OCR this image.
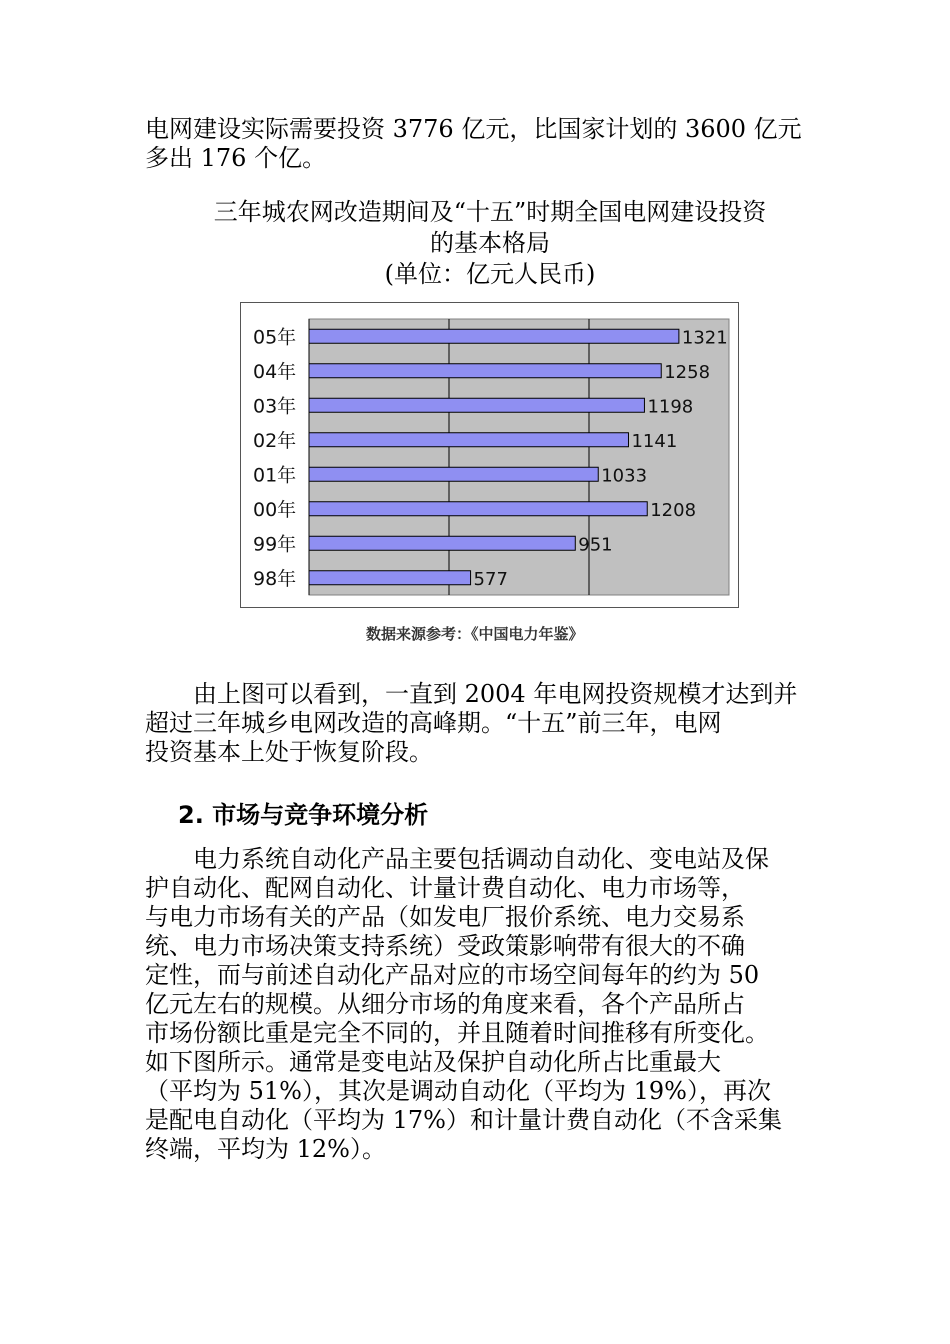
电网建设实际需要投资 3776 亿元，比国家计划的 3600 亿元
多出 176 个亿。
三年城农网改造期间及“十五”时期全国电网建设投资
的基本格局
(单位：亿元人民币)
05年	1321
04年	1258
03年	1198
02年	1141
01年	1033
00年	1208
99年	951
98年	577
数据来源参考：《中国电力年鉴》
　　由上图可以看到，一直到 2004 年电网投资规模才达到并
超过三年城乡电网改造的高峰期。“十五”前三年，电网
投资基本上处于恢复阶段。
2. 市场与竞争环境分析
　　电力系统自动化产品主要包括调动自动化、变电站及保
护自动化、配网自动化、计量计费自动化、电力市场等，
与电力市场有关的产品（如发电厂报价系统、电力交易系
统、电力市场决策支持系统）受政策影响带有很大的不确
定性，而与前述自动化产品对应的市场空间每年的约为 50
亿元左右的规模。从细分市场的角度来看，各个产品所占
市场份额比重是完全不同的，并且随着时间推移有所变化。
如下图所示。通常是变电站及保护自动化所占比重最大
（平均为 51%），其次是调动自动化（平均为 19%），再次
是配电自动化（平均为 17%）和计量计费自动化（不含采集
终端，平均为 12%）。
